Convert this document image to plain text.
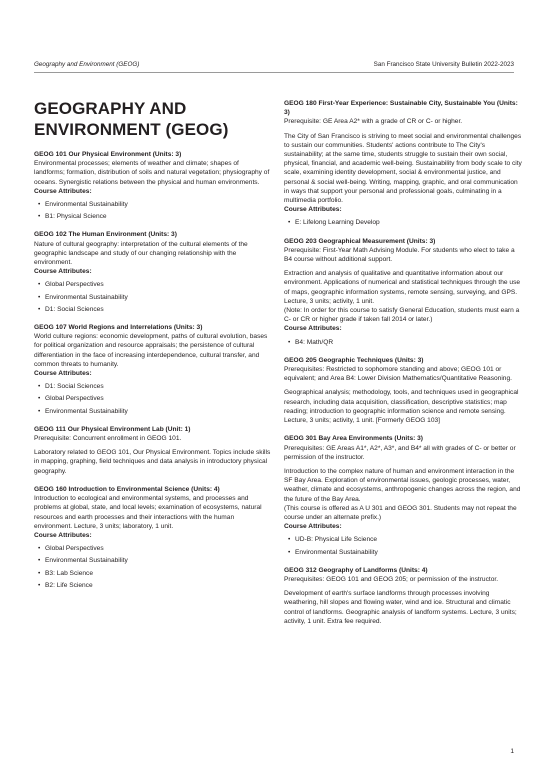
Geography and Environment (GEOG)	San Francisco State University Bulletin 2022-2023
GEOGRAPHY AND ENVIRONMENT (GEOG)
GEOG 101 Our Physical Environment (Units: 3)
Environmental processes; elements of weather and climate; shapes of landforms; formation, distribution of soils and natural vegetation; physiography of oceans. Synergistic relations between the physical and human environments.
Course Attributes:
• Environmental Sustainability
• B1: Physical Science
GEOG 102 The Human Environment (Units: 3)
Nature of cultural geography: interpretation of the cultural elements of the geographic landscape and study of our changing relationship with the environment.
Course Attributes:
• Global Perspectives
• Environmental Sustainability
• D1: Social Sciences
GEOG 107 World Regions and Interrelations (Units: 3)
World culture regions: economic development, paths of cultural evolution, bases for political organization and resource appraisals; the persistence of cultural differentiation in the face of increasing interdependence, cultural transfer, and common threats to humanity.
Course Attributes:
• D1: Social Sciences
• Global Perspectives
• Environmental Sustainability
GEOG 111 Our Physical Environment Lab (Unit: 1)
Prerequisite: Concurrent enrollment in GEOG 101.
Laboratory related to GEOG 101, Our Physical Environment. Topics include skills in mapping, graphing, field techniques and data analysis in introductory physical geography.
GEOG 160 Introduction to Environmental Science (Units: 4)
Introduction to ecological and environmental systems, and processes and problems at global, state, and local levels; examination of ecosystems, natural resources and earth processes and their interactions with the human environment. Lecture, 3 units; laboratory, 1 unit.
Course Attributes:
• Global Perspectives
• Environmental Sustainability
• B3: Lab Science
• B2: Life Science
GEOG 180 First-Year Experience: Sustainable City, Sustainable You (Units: 3)
Prerequisite: GE Area A2* with a grade of CR or C- or higher.
The City of San Francisco is striving to meet social and environmental challenges to sustain our communities. Students' actions contribute to The City's sustainability; at the same time, students struggle to sustain their own social, physical, financial, and academic well-being. Sustainability from body scale to city scale, examining identity development, social & environmental justice, and personal & social well-being. Writing, mapping, graphic, and oral communication in ways that support your personal and professional goals, culminating in a multimedia portfolio.
Course Attributes:
• E: Lifelong Learning Develop
GEOG 203 Geographical Measurement (Units: 3)
Prerequisite: First-Year Math Advising Module. For students who elect to take a B4 course without additional support.
Extraction and analysis of qualitative and quantitative information about our environment. Applications of numerical and statistical techniques through the use of maps, geographic information systems, remote sensing, surveying, and GPS. Lecture, 3 units; activity, 1 unit.
(Note: In order for this course to satisfy General Education, students must earn a C- or CR or higher grade if taken fall 2014 or later.)
Course Attributes:
• B4: Math/QR
GEOG 205 Geographic Techniques (Units: 3)
Prerequisites: Restricted to sophomore standing and above; GEOG 101 or equivalent; and Area B4: Lower Division Mathematics/Quantitative Reasoning.
Geographical analysis; methodology, tools, and techniques used in geographical research, including data acquisition, classification, descriptive statistics; map reading; introduction to geographic information science and remote sensing. Lecture, 3 units; activity, 1 unit. [Formerly GEOG 103]
GEOG 301 Bay Area Environments (Units: 3)
Prerequisites: GE Areas A1*, A2*, A3*, and B4* all with grades of C- or better or permission of the instructor.
Introduction to the complex nature of human and environment interaction in the SF Bay Area. Exploration of environmental issues, geologic processes, water, weather, climate and ecosystems, anthropogenic changes across the region, and the future of the Bay Area.
(This course is offered as A U 301 and GEOG 301. Students may not repeat the course under an alternate prefix.)
Course Attributes:
• UD-B: Physical Life Science
• Environmental Sustainability
GEOG 312 Geography of Landforms (Units: 4)
Prerequisites: GEOG 101 and GEOG 205; or permission of the instructor.
Development of earth's surface landforms through processes involving weathering, hill slopes and flowing water, wind and ice. Structural and climatic control of landforms. Geographic analysis of landform systems. Lecture, 3 units; activity, 1 unit. Extra fee required.
1
